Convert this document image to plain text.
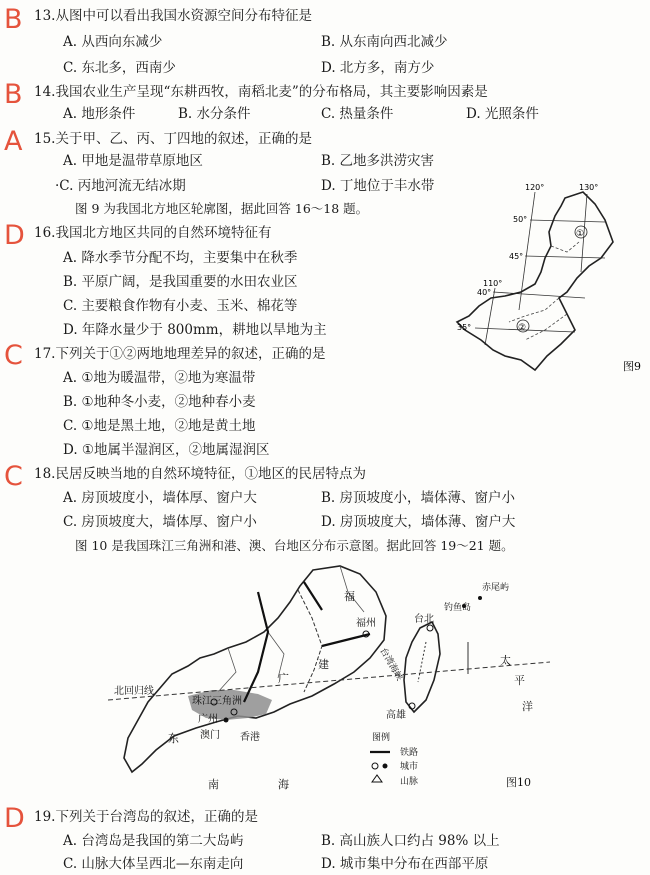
B 13.从图中可以看出我国水资源空间分布特征是
A. 从西向东减少	B. 从东南向西北减少
C. 东北多，西南少	D. 北方多，南方少
B 14.我国农业生产呈现“东耕西牧，南稻北麦”的分布格局，其主要影响因素是
A. 地形条件	B. 水分条件	C. 热量条件	D. 光照条件
A 15.关于甲、乙、丙、丁四地的叙述，正确的是
A. 甲地是温带草原地区	B. 乙地多洪涝灾害
·C. 丙地河流无结冰期	D. 丁地位于丰水带
图 9 为我国北方地区轮廓图，据此回答 16～18 题。
D 16.我国北方地区共同的自然环境特征有
A. 降水季节分配不均，主要集中在秋季
B. 平原广阔，是我国重要的水田农业区
C. 主要粮食作物有小麦、玉米、棉花等
D. 年降水量少于 800mm，耕地以旱地为主
C 17.下列关于①②两地地理差异的叙述，正确的是
A. ①地为暖温带，②地为寒温带
B. ①地种冬小麦，②地种春小麦
C. ①地是黑土地，②地是黄土地
D. ①地属半湿润区，②地属湿润区
C 18.民居反映当地的自然环境特征，①地区的民居特点为
A. 房顶坡度小，墙体厚、窗户大	B. 房顶坡度小，墙体薄、窗户小
C. 房顶坡度大，墙体厚、窗户小	D. 房顶坡度大，墙体薄、窗户大
图 10 是我国珠江三角洲和港、澳、台地区分布示意图。据此回答 19～21 题。
①
②
120°	130°
110°
50°
45°
40°
35°
图9
福
建
福州
广
东
珠江三角洲
广州
澳门 香港
台湾海峡
台北
高雄
钓鱼岛
赤尾屿
太
平
洋
南	海
北回归线
图例
铁路
城市
山脉	图10
D 19.下列关于台湾岛的叙述，正确的是
A. 台湾岛是我国的第二大岛屿	B. 高山族人口约占 98% 以上
C. 山脉大体呈西北—东南走向	D. 城市集中分布在西部平原
